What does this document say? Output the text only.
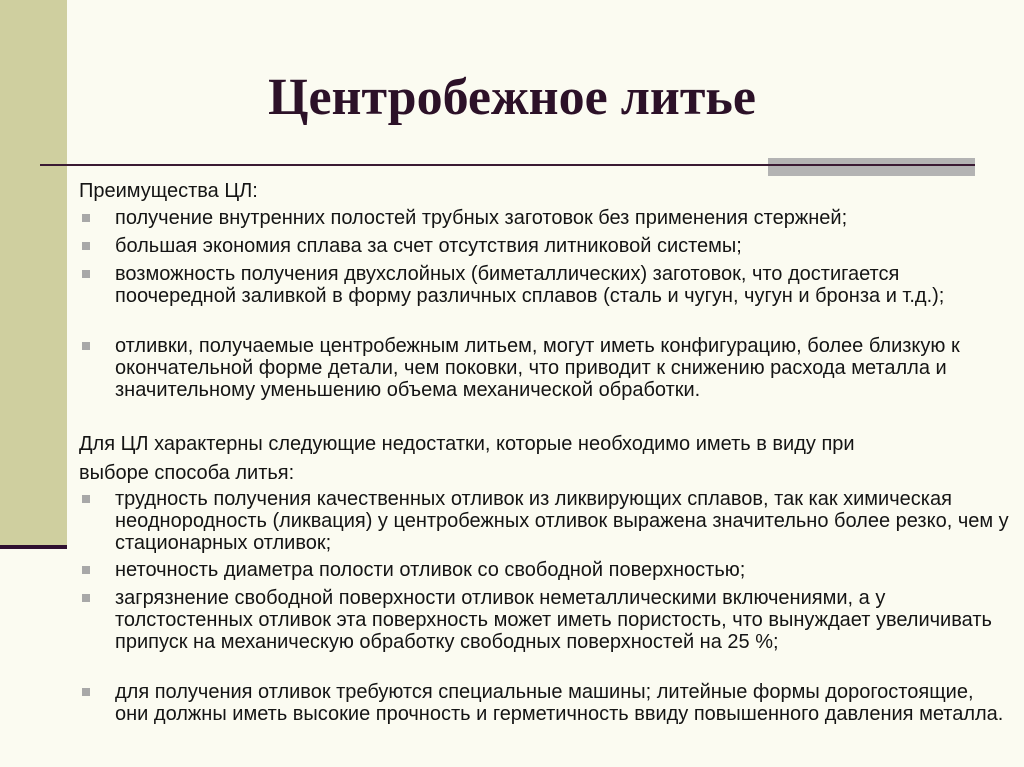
Центробежное литье

Преимущества ЦЛ:

получение внутренних полостей трубных заготовок без применения стержней;

большая экономия сплава за счет отсутствия литниковой системы;

возможность получения двухслойных (биметаллических) заготовок, что достигается поочередной заливкой в форму различных сплавов (сталь и чугун, чугун и бронза и т.д.);

отливки, получаемые центробежным литьем, могут иметь конфигурацию, более близкую к окончательной форме детали, чем поковки, что приводит к снижению расхода металла и значительному уменьшению объема механической обработки.

Для ЦЛ характерны следующие недостатки, которые необходимо иметь в виду при

выборе способа литья:

трудность получения качественных отливок из ликвирующих сплавов, так как химическая неоднородность (ликвация) у центробежных отливок выражена значительно более резко, чем у стационарных отливок;

неточность диаметра полости отливок со свободной поверхностью;

загрязнение свободной поверхности отливок неметаллическими включениями, а у толстостенных отливок эта поверхность может иметь пористость, что вынуждает увеличивать припуск на механическую обработку свободных поверхностей на 25 %;

для получения отливок требуются специальные машины; литейные формы дорогостоящие, они должны иметь высокие прочность и герметичность ввиду повышенного давления металла.
